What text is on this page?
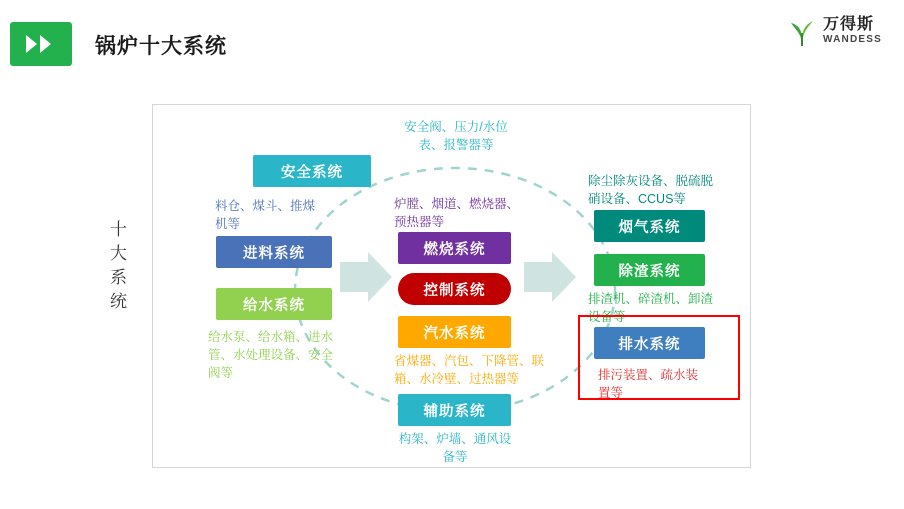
锅炉十大系统
万得斯
WANDESS
十大系统
安全系统
进料系统
给水系统
燃烧系统
控制系统
汽水系统
辅助系统
烟气系统
除渣系统
排水系统
安全阀、压力/水位表、报警器等
料仓、煤斗、推煤机等
给水泵、给水箱、进水管、水处理设备、安全阀等
炉膛、烟道、燃烧器、预热器等
省煤器、汽包、下降管、联箱、水冷壁、过热器等
构架、炉墙、通风设备等
除尘除灰设备、脱硫脱硝设备、CCUS等
排渣机、碎渣机、卸渣设备等
排污装置、疏水装置等
